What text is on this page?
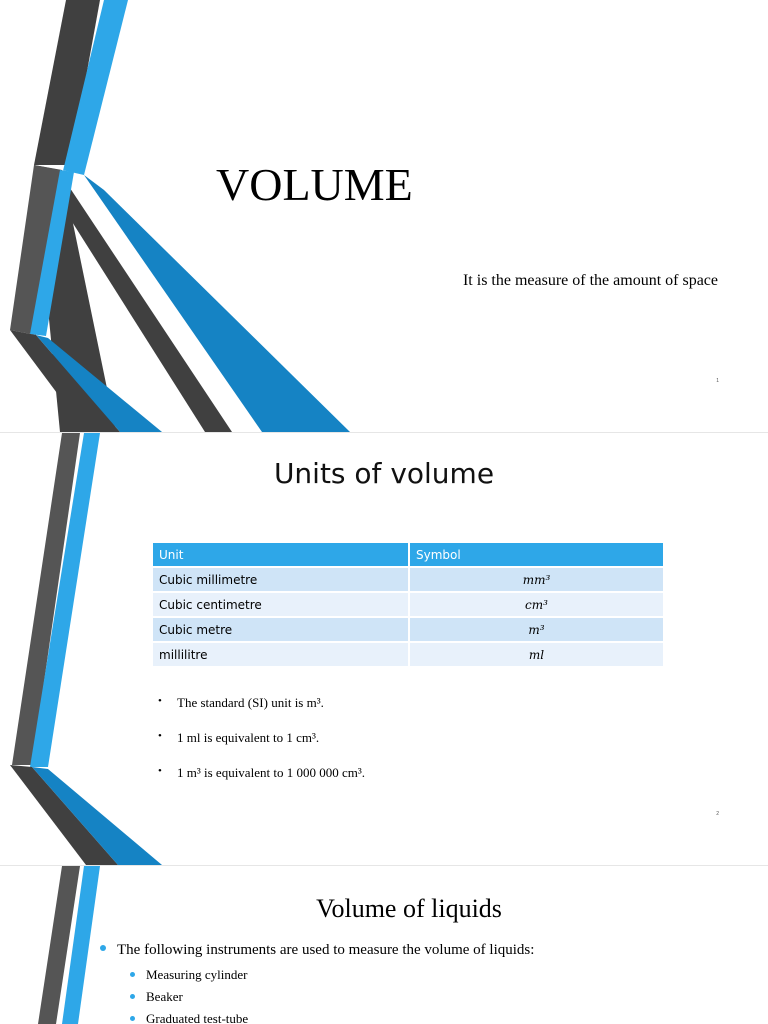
VOLUME
It is the measure of the amount of space
1
Units of volume
Unit	Symbol
Cubic millimetre	mm³
Cubic centimetre	cm³
Cubic metre	m³
millilitre	ml
• The standard (SI) unit is m³.
• 1 ml is equivalent to 1 cm³.
• 1 m³ is equivalent to 1 000 000 cm³.
2
Volume of liquids
The following instruments are used to measure the volume of liquids:
Measuring cylinder
Beaker
Graduated test-tube
